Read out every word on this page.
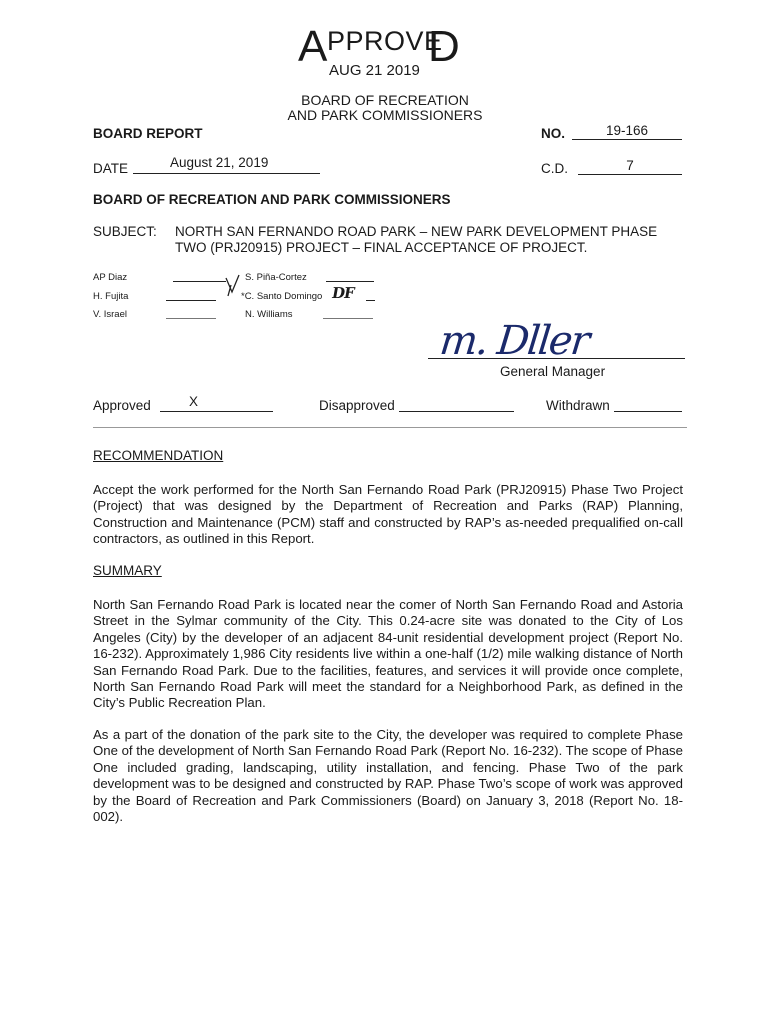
A PPROVE
D
AUG 21 2019
BOARD OF RECREATION
AND PARK COMMISSIONERS
BOARD REPORT	NO.	19-166
DATE	August 21, 2019	C.D.	7
BOARD OF RECREATION AND PARK COMMISSIONERS
SUBJECT: NORTH SAN FERNANDO ROAD PARK – NEW PARK DEVELOPMENT PHASE
TWO (PRJ20915) PROJECT – FINAL ACCEPTANCE OF PROJECT.
AP Diaz
H. Fujita
V. Israel
S. Piña-Cortez
*C. Santo Domingo
N. Williams
DF
m. Dller
General Manager
Approved	X	Disapproved	Withdrawn
RECOMMENDATION
Accept the work performed for the North San Fernando Road Park (PRJ20915) Phase Two Project (Project) that was designed by the Department of Recreation and Parks (RAP) Planning, Construction and Maintenance (PCM) staff and constructed by RAP’s as-needed prequalified on-call contractors, as outlined in this Report.
SUMMARY
North San Fernando Road Park is located near the comer of North San Fernando Road and Astoria Street in the Sylmar community of the City. This 0.24-acre site was donated to the City of Los Angeles (City) by the developer of an adjacent 84-unit residential development project (Report No. 16-232). Approximately 1,986 City residents live within a one-half (1/2) mile walking distance of North San Fernando Road Park. Due to the facilities, features, and services it will provide once complete, North San Fernando Road Park will meet the standard for a Neighborhood Park, as defined in the City’s Public Recreation Plan.
As a part of the donation of the park site to the City, the developer was required to complete Phase One of the development of North San Fernando Road Park (Report No. 16-232). The scope of Phase One included grading, landscaping, utility installation, and fencing. Phase Two of the park development was to be designed and constructed by RAP. Phase Two’s scope of work was approved by the Board of Recreation and Park Commissioners (Board) on January 3, 2018 (Report No. 18-002).
